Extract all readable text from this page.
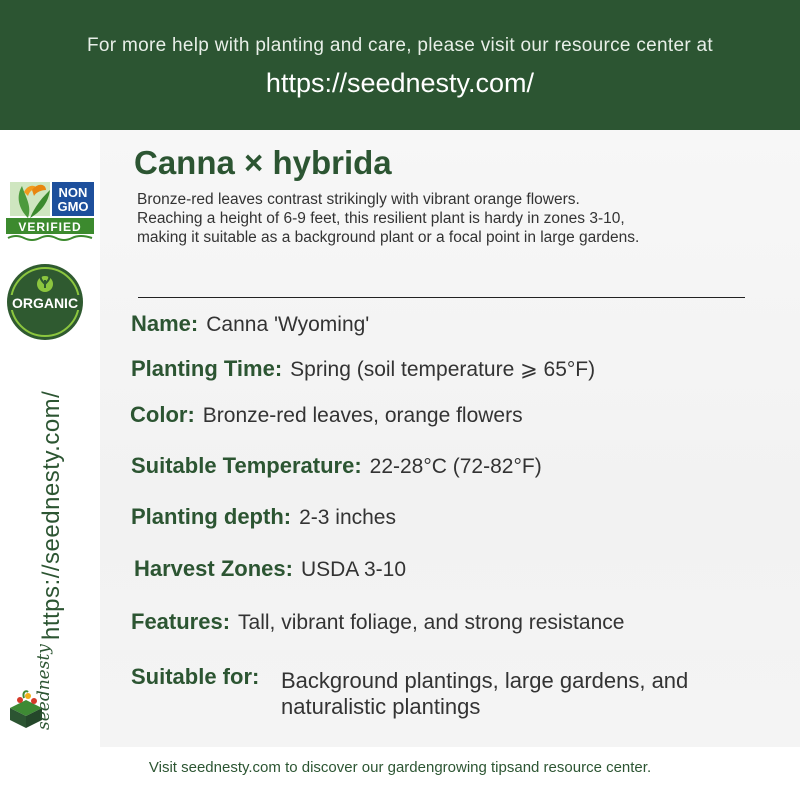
For more help with planting and care, please visit our resource center at
https://seednesty.com/
NON
GMO
VERIFIED
ORGANIC
https://seednesty.com/
seednesty
Canna × hybrida
Bronze-red leaves contrast strikingly with vibrant orange flowers.
Reaching a height of 6-9 feet, this resilient plant is hardy in zones 3-10,
making it suitable as a background plant or a focal point in large gardens.
Name: Canna 'Wyoming'
Planting Time: Spring (soil temperature ⩾ 65°F)
Color: Bronze-red leaves, orange flowers
Suitable Temperature: 22-28°C (72-82°F)
Planting depth: 2-3 inches
Harvest Zones: USDA 3-10
Features: Tall, vibrant foliage, and strong resistance
Suitable for: Background plantings, large gardens, and
naturalistic plantings
Visit seednesty.com to discover our gardengrowing tipsand resource center.
